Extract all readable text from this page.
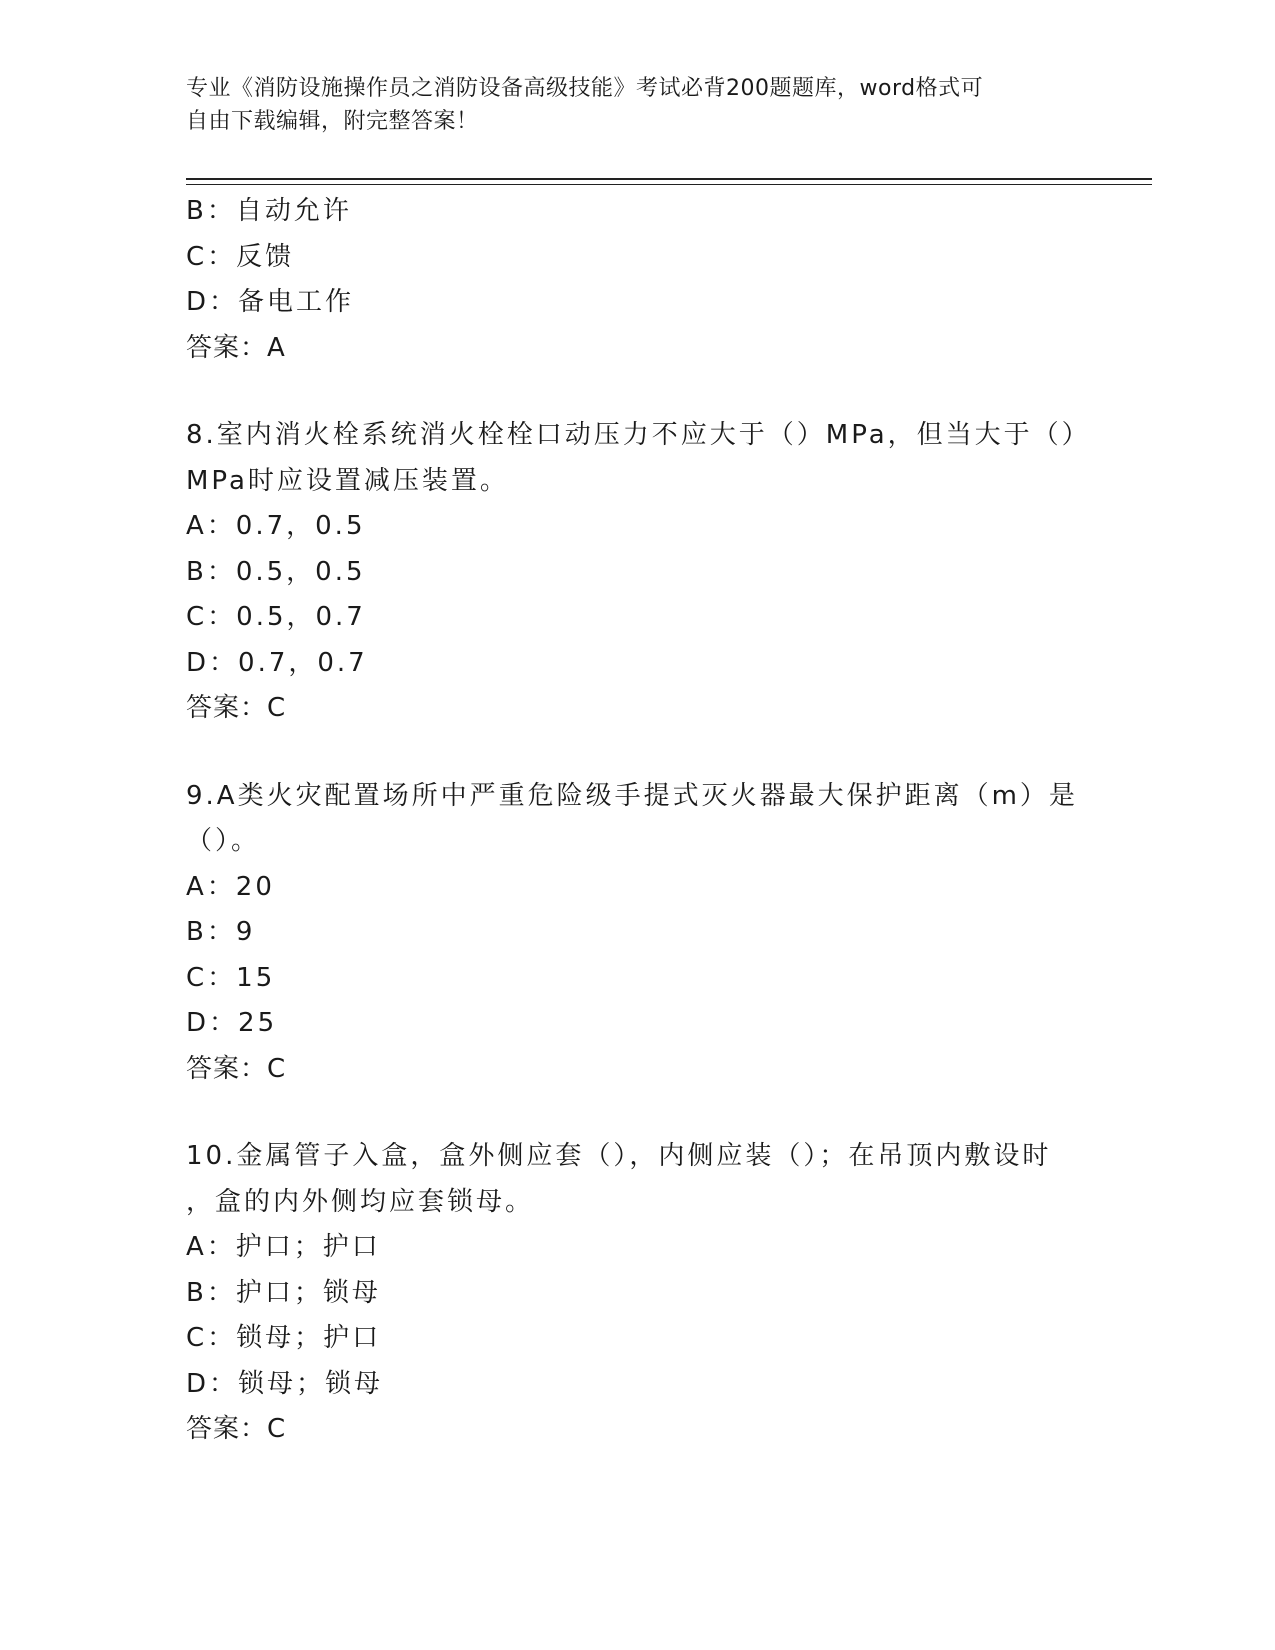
专业《消防设施操作员之消防设备高级技能》考试必背200题题库，word格式可
自由下载编辑，附完整答案！
B：自动允许
C：反馈
D：备电工作
答案：A
8.室内消火栓系统消火栓栓口动压力不应大于（）MPa，但当大于（）
MPa时应设置减压装置。
A：0.7，0.5
B：0.5，0.5
C：0.5，0.7
D：0.7，0.7
答案：C
9.A类火灾配置场所中严重危险级手提式灭火器最大保护距离（m）是
（）。
A：20
B：9
C：15
D：25
答案：C
10.金属管子入盒，盒外侧应套（），内侧应装（）；在吊顶内敷设时
，盒的内外侧均应套锁母。
A：护口；护口
B：护口；锁母
C：锁母；护口
D：锁母；锁母
答案：C
